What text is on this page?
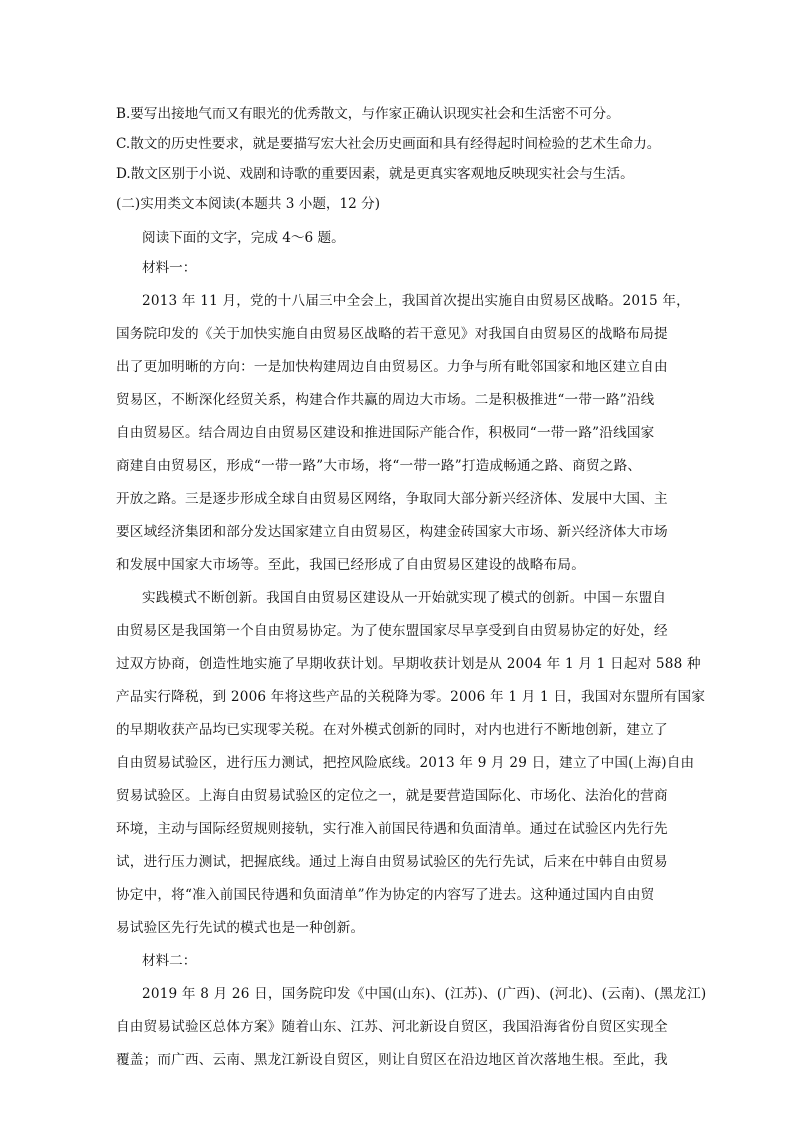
B.要写出接地气而又有眼光的优秀散文，与作家正确认识现实社会和生活密不可分。
C.散文的历史性要求，就是要描写宏大社会历史画面和具有经得起时间检验的艺术生命力。
D.散文区别于小说、戏剧和诗歌的重要因素，就是更真实客观地反映现实社会与生活。
(二)实用类文本阅读(本题共 3 小题，12 分)
阅读下面的文字，完成 4～6 题。
材料一：
2013 年 11 月，党的十八届三中全会上，我国首次提出实施自由贸易区战略。2015 年，
国务院印发的《关于加快实施自由贸易区战略的若干意见》对我国自由贸易区的战略布局提
出了更加明晰的方向：一是加快构建周边自由贸易区。力争与所有毗邻国家和地区建立自由
贸易区，不断深化经贸关系，构建合作共赢的周边大市场。二是积极推进“一带一路”沿线
自由贸易区。结合周边自由贸易区建设和推进国际产能合作，积极同“一带一路”沿线国家
商建自由贸易区，形成“一带一路”大市场，将“一带一路”打造成畅通之路、商贸之路、
开放之路。三是逐步形成全球自由贸易区网络，争取同大部分新兴经济体、发展中大国、主
要区域经济集团和部分发达国家建立自由贸易区，构建金砖国家大市场、新兴经济体大市场
和发展中国家大市场等。至此，我国已经形成了自由贸易区建设的战略布局。
实践模式不断创新。我国自由贸易区建设从一开始就实现了模式的创新。中国－东盟自
由贸易区是我国第一个自由贸易协定。为了使东盟国家尽早享受到自由贸易协定的好处，经
过双方协商，创造性地实施了早期收获计划。早期收获计划是从 2004 年 1 月 1 日起对 588 种
产品实行降税，到 2006 年将这些产品的关税降为零。2006 年 1 月 1 日，我国对东盟所有国家
的早期收获产品均已实现零关税。在对外模式创新的同时，对内也进行不断地创新，建立了
自由贸易试验区，进行压力测试，把控风险底线。2013 年 9 月 29 日，建立了中国(上海)自由
贸易试验区。上海自由贸易试验区的定位之一，就是要营造国际化、市场化、法治化的营商
环境，主动与国际经贸规则接轨，实行准入前国民待遇和负面清单。通过在试验区内先行先
试，进行压力测试，把握底线。通过上海自由贸易试验区的先行先试，后来在中韩自由贸易
协定中，将“准入前国民待遇和负面清单”作为协定的内容写了进去。这种通过国内自由贸
易试验区先行先试的模式也是一种创新。
材料二：
2019 年 8 月 26 日，国务院印发《中国(山东)、(江苏)、(广西)、(河北)、(云南)、(黑龙江)
自由贸易试验区总体方案》随着山东、江苏、河北新设自贸区，我国沿海省份自贸区实现全
覆盖；而广西、云南、黑龙江新设自贸区，则让自贸区在沿边地区首次落地生根。至此，我
